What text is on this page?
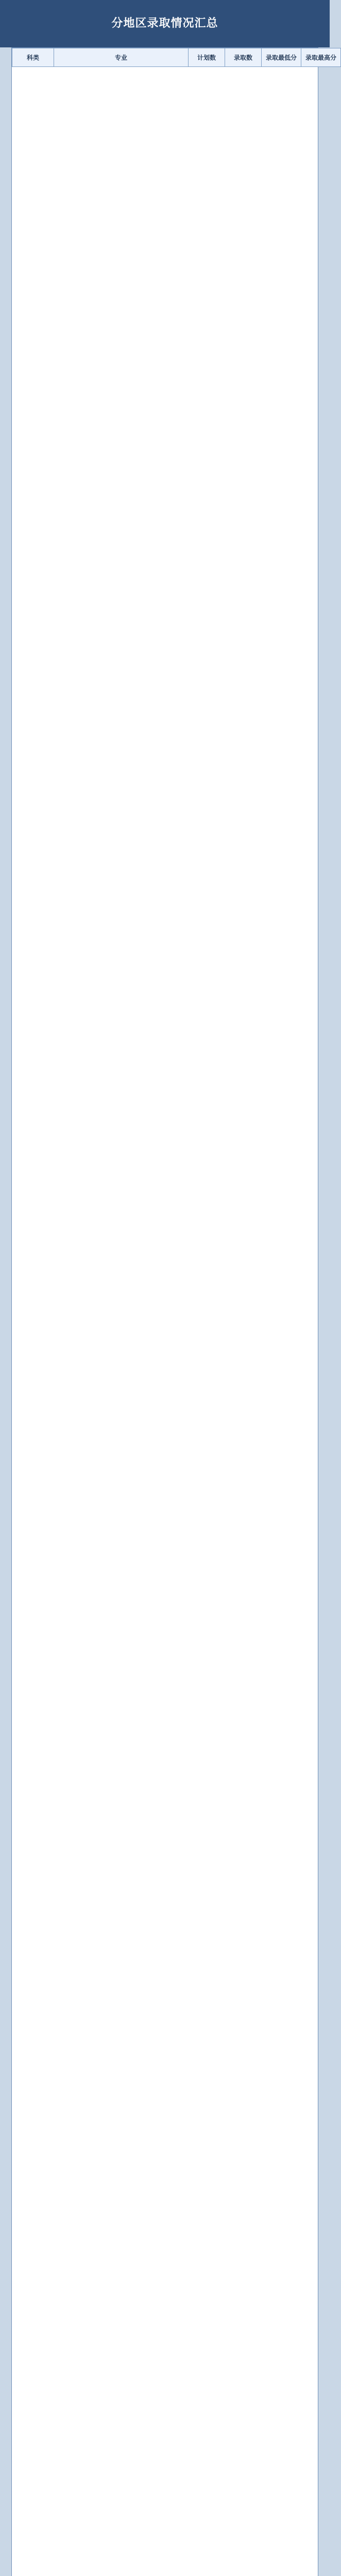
分地区录取情况汇总
科类	专业	计划数	录取数	录取最低分	录取最高分
